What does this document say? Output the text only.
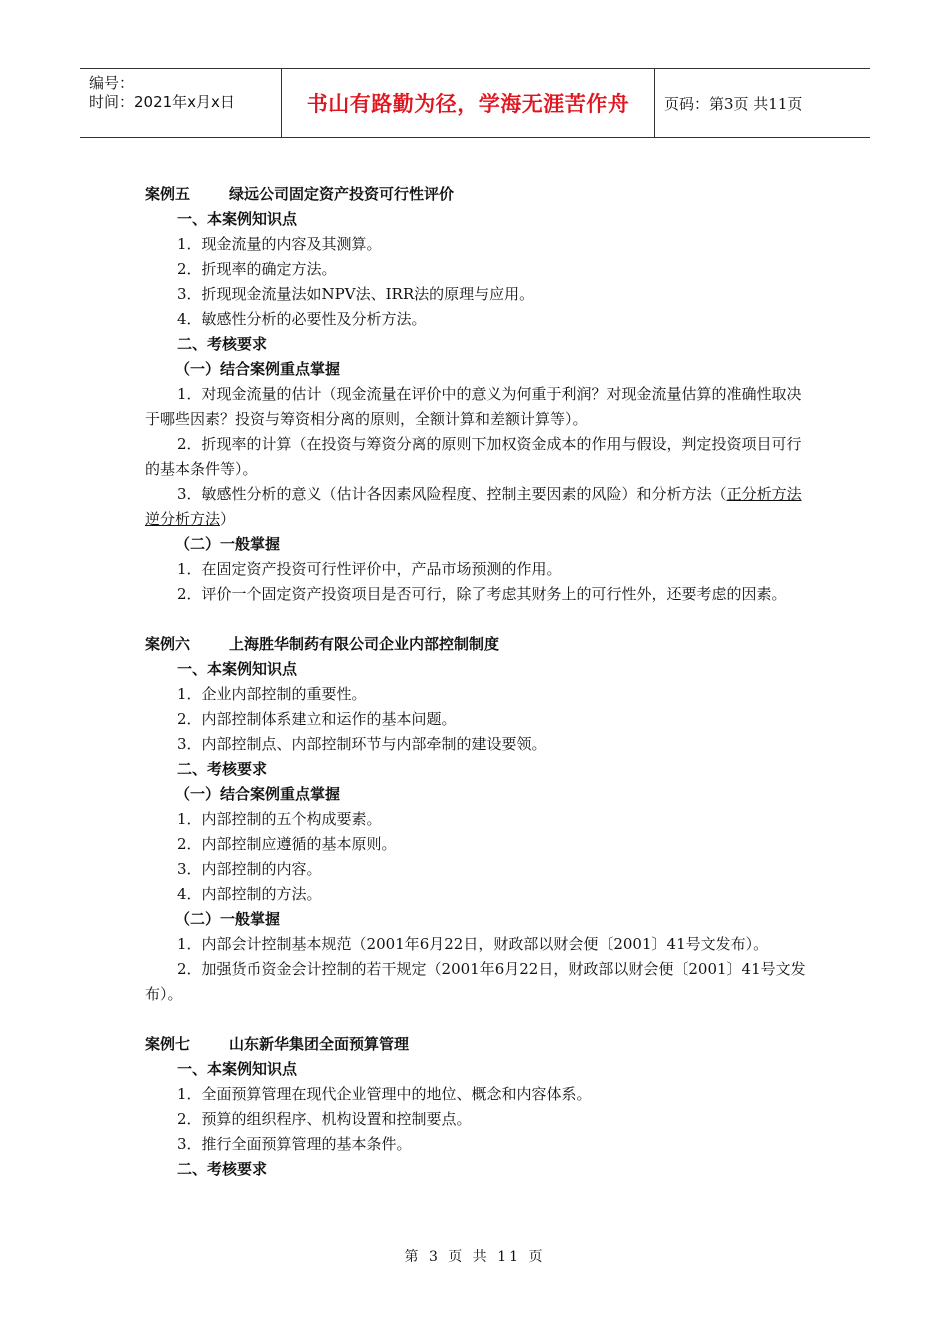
编号：
时间：2021年x月x日	书山有路勤为径，学海无涯苦作舟 页码：第3页 共11页

案例五	绿远公司固定资产投资可行性评价

一、本案例知识点

1．现金流量的内容及其测算。

2．折现率的确定方法。

3．折现现金流量法如NPV法、IRR法的原理与应用。

4．敏感性分析的必要性及分析方法。

二、考核要求

（一）结合案例重点掌握

1．对现金流量的估计（现金流量在评价中的意义为何重于利润？对现金流量估算的准确性取决于哪些因素？投资与筹资相分离的原则，全额计算和差额计算等）。

2．折现率的计算（在投资与筹资分离的原则下加权资金成本的作用与假设，判定投资项目可行的基本条件等）。

3．敏感性分析的意义（估计各因素风险程度、控制主要因素的风险）和分析方法（正分析方法逆分析方法）

（二）一般掌握

1．在固定资产投资可行性评价中，产品市场预测的作用。

2．评价一个固定资产投资项目是否可行，除了考虑其财务上的可行性外，还要考虑的因素。

案例六	上海胜华制药有限公司企业内部控制制度

一、本案例知识点

1．企业内部控制的重要性。

2．内部控制体系建立和运作的基本问题。

3．内部控制点、内部控制环节与内部牵制的建设要领。

二、考核要求

（一）结合案例重点掌握

1．内部控制的五个构成要素。

2．内部控制应遵循的基本原则。

3．内部控制的内容。

4．内部控制的方法。

（二）一般掌握

1．内部会计控制基本规范（2001年6月22日，财政部以财会便〔2001〕41号文发布）。

2．加强货币资金会计控制的若干规定（2001年6月22日，财政部以财会便〔2001〕41号文发布）。

案例七	山东新华集团全面预算管理

一、本案例知识点

1．全面预算管理在现代企业管理中的地位、概念和内容体系。

2．预算的组织程序、机构设置和控制要点。

3．推行全面预算管理的基本条件。

二、考核要求

第 3 页 共 11 页
